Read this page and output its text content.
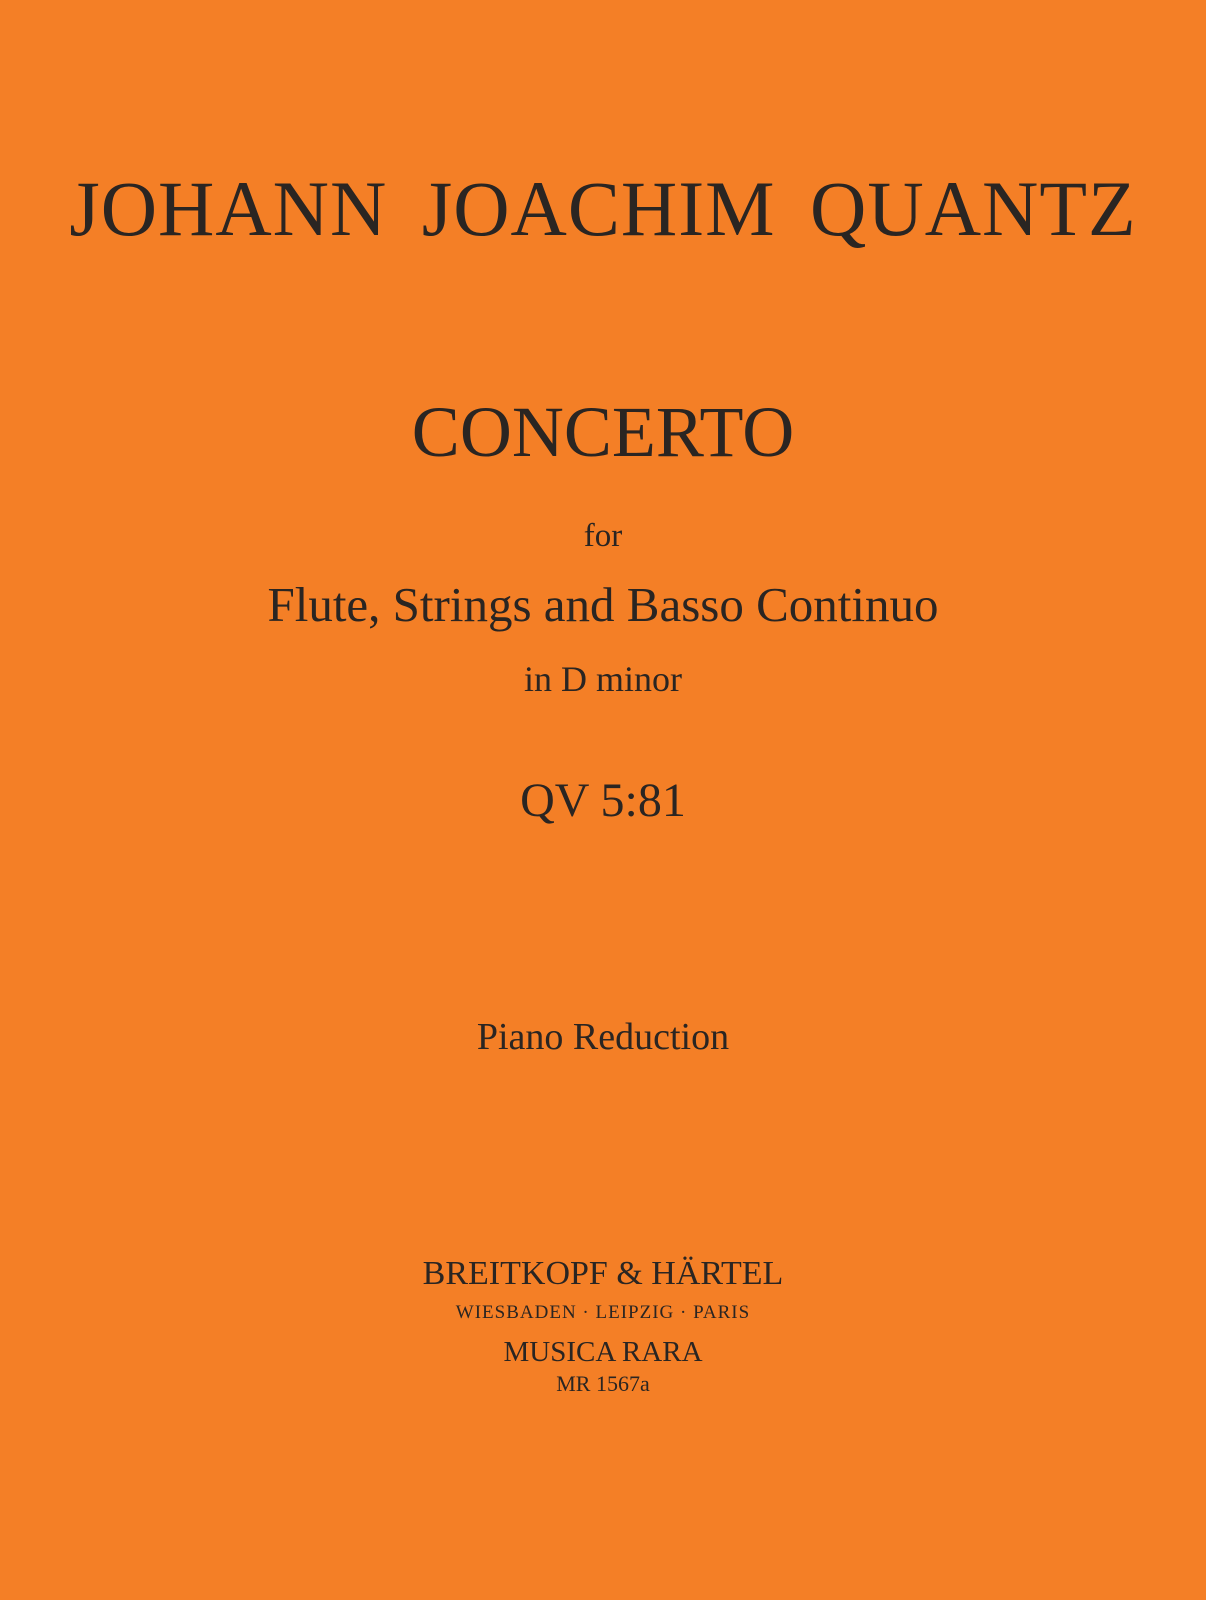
JOHANN JOACHIM QUANTZ
CONCERTO
for
Flute, Strings and Basso Continuo
in D minor
QV 5:81
Piano Reduction
BREITKOPF & HÄRTEL
WIESBADEN · LEIPZIG · PARIS
MUSICA RARA
MR 1567a
